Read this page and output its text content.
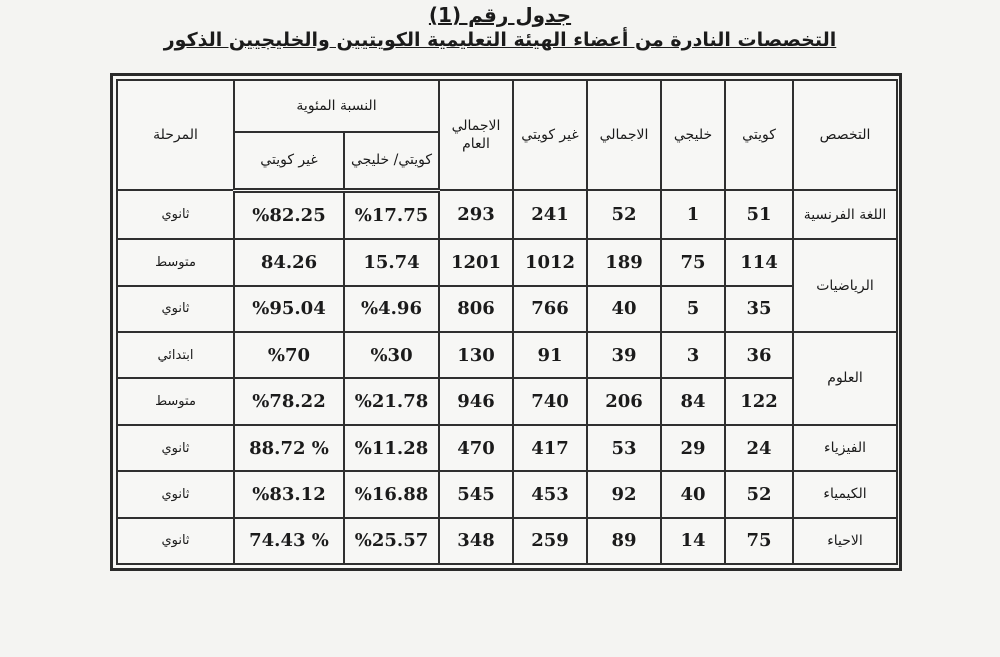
جدول رقم (1)
التخصصات النادرة من أعضاء الهيئة التعليمية الكويتيين والخليجيين الذكور
التخصص	كويتي	خليجي	الاجمالي	غير كويتي	الاجمالي العام	النسبة المئوية		المرحلة
						كويتي/ خليجي	غير كويتي	
اللغة الفرنسية	51	1	52	241	293	%17.75	%82.25	ثانوي
الرياضيات	114	75	189	1012	1201	15.74	84.26	متوسط
	35	5	40	766	806	%4.96	%95.04	ثانوي
العلوم	36	3	39	91	130	%30	%70	ابتدائي
	122	84	206	740	946	%21.78	%78.22	متوسط
الفيزياء	24	29	53	417	470	%11.28	% 88.72	ثانوي
الكيمياء	52	40	92	453	545	%16.88	%83.12	ثانوي
الاحياء	75	14	89	259	348	%25.57	% 74.43	ثانوي
